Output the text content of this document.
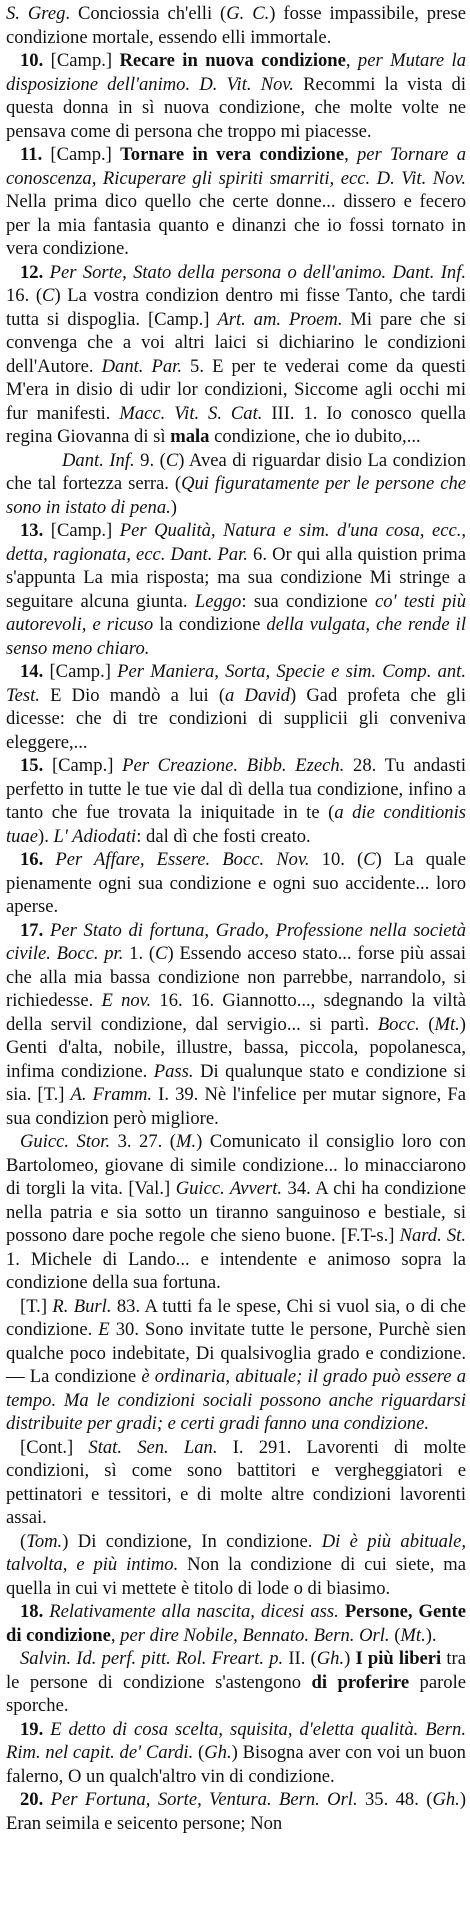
S. Greg. Conciossia ch'elli (G. C.) fosse impassibile, prese condizione mortale, essendo elli immortale.

10. [Camp.] Recare in nuova condizione, per Mutare la disposizione dell'animo. D. Vit. Nov. Recommi la vista di questa donna in sì nuova condizione, che molte volte ne pensava come di persona che troppo mi piacesse.

11. [Camp.] Tornare in vera condizione, per Tornare a conoscenza, Ricuperare gli spiriti smarriti, ecc. D. Vit. Nov. Nella prima dico quello che certe donne... dissero e fecero per la mia fantasia quanto e dinanzi che io fossi tornato in vera condizione.

12. Per Sorte, Stato della persona o dell'animo. Dant. Inf. 16. (C) La vostra condizion dentro mi fisse Tanto, che tardi tutta si dispoglia. [Camp.] Art. am. Proem. Mi pare che si convenga che a voi altri laici si dichiarino le condizioni dell'Autore. Dant. Par. 5. E per te vederai come da questi M'era in disio di udir lor condizioni, Siccome agli occhi mi fur manifesti. Macc. Vit. S. Cat. III. 1. Io conosco quella regina Giovanna di sì mala condizione, che io dubito,...

Dant. Inf. 9. (C) Avea di riguardar disio La condizion che tal fortezza serra. (Qui figuratamente per le persone che sono in istato di pena.)

13. [Camp.] Per Qualità, Natura e sim. d'una cosa, ecc., detta, ragionata, ecc. Dant. Par. 6. Or qui alla quistion prima s'appunta La mia risposta; ma sua condizione Mi stringe a seguitare alcuna giunta. Leggo: sua condizione co' testi più autorevoli, e ricuso la condizione della vulgata, che rende il senso meno chiaro.

14. [Camp.] Per Maniera, Sorta, Specie e sim. Comp. ant. Test. E Dio mandò a lui (a David) Gad profeta che gli dicesse: che di tre condizioni di supplicii gli conveniva eleggere,...

15. [Camp.] Per Creazione. Bibb. Ezech. 28. Tu andasti perfetto in tutte le tue vie dal dì della tua condizione, infino a tanto che fue trovata la iniquitade in te (a die conditionis tuae). L' Adiodati: dal dì che fosti creato.

16. Per Affare, Essere. Bocc. Nov. 10. (C) La quale pienamente ogni sua condizione e ogni suo accidente... loro aperse.

17. Per Stato di fortuna, Grado, Professione nella società civile. Bocc. pr. 1. (C) Essendo acceso stato... forse più assai che alla mia bassa condizione non parrebbe, narrandolo, si richiedesse. E nov. 16. 16. Giannotto..., sdegnando la viltà della servil condizione, dal servigio... si partì. Bocc. (Mt.) Genti d'alta, nobile, illustre, bassa, piccola, popolanesca, infima condizione. Pass. Di qualunque stato e condizione si sia. [T.] A. Framm. I. 39. Nè l'infelice per mutar signore, Fa sua condizion però migliore.

Guicc. Stor. 3. 27. (M.) Comunicato il consiglio loro con Bartolomeo, giovane di simile condizione... lo minacciarono di torgli la vita. [Val.] Guicc. Avvert. 34. A chi ha condizione nella patria e sia sotto un tiranno sanguinoso e bestiale, si possono dare poche regole che sieno buone. [F.T-s.] Nard. St. 1. Michele di Lando... e intendente e animoso sopra la condizione della sua fortuna.

[T.] R. Burl. 83. A tutti fa le spese, Chi si vuol sia, o di che condizione. E 30. Sono invitate tutte le persone, Purchè sien qualche poco indebitate, Di qualsivoglia grado e condizione. — La condizione è ordinaria, abituale; il grado può essere a tempo. Ma le condizioni sociali possono anche riguardarsi distribuite per gradi; e certi gradi fanno una condizione.

[Cont.] Stat. Sen. Lan. I. 291. Lavorenti di molte condizioni, sì come sono battitori e vergheggiatori e pettinatori e tessitori, e di molte altre condizioni lavorenti assai.

(Tom.) Di condizione, In condizione. Di è più abituale, talvolta, e più intimo. Non la condizione di cui siete, ma quella in cui vi mettete è titolo di lode o di biasimo.

18. Relativamente alla nascita, dicesi ass. Persone, Gente di condizione, per dire Nobile, Bennato. Bern. Orl. (Mt.).

Salvin. Id. perf. pitt. Rol. Freart. p. II. (Gh.) I più liberi tra le persone di condizione s'astengono di proferire parole sporche.

19. E detto di cosa scelta, squisita, d'eletta qualità. Bern. Rim. nel capit. de' Cardi. (Gh.) Bisogna aver con voi un buon falerno, O un qualch'altro vin di condizione.

20. Per Fortuna, Sorte, Ventura. Bern. Orl. 35. 48. (Gh.) Eran seimila e seicento persone; Non
